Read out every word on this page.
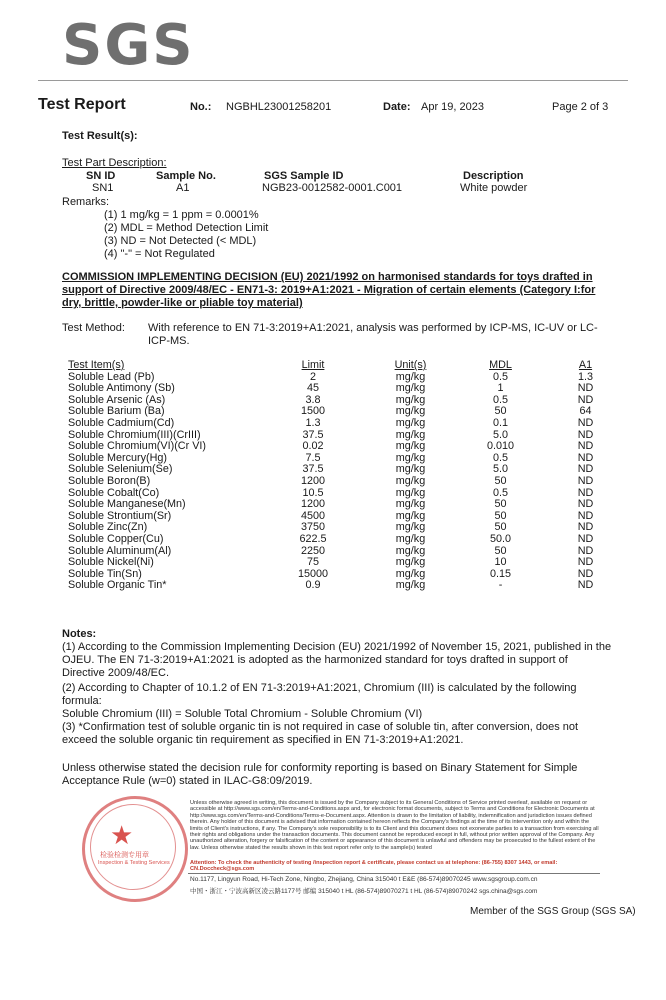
SGS
Test Report	No.: NGBHL23001258201	Date: Apr 19, 2023	Page 2 of 3
Test Result(s):
Test Part Description:
SN ID	Sample No.	SGS Sample ID	Description
SN1	A1	NGB23-0012582-0001.C001	White powder
Remarks:
(1) 1 mg/kg = 1 ppm = 0.0001%
(2) MDL = Method Detection Limit
(3) ND = Not Detected (< MDL)
(4) "-" = Not Regulated
COMMISSION IMPLEMENTING DECISION (EU) 2021/1992 on harmonised standards for toys drafted in support of Directive 2009/48/EC - EN71-3: 2019+A1:2021 - Migration of certain elements (Category I:for dry, brittle, powder-like or pliable toy material)
Test Method: With reference to EN 71-3:2019+A1:2021, analysis was performed by ICP-MS, IC-UV or LC-ICP-MS.
Test Item(s)	Limit	Unit(s)	MDL	A1
Soluble Lead (Pb)	2	mg/kg	0.5	1.3
Soluble Antimony (Sb)	45	mg/kg	1	ND
Soluble Arsenic (As)	3.8	mg/kg	0.5	ND
Soluble Barium (Ba)	1500	mg/kg	50	64
Soluble Cadmium(Cd)	1.3	mg/kg	0.1	ND
Soluble Chromium(III)(CrIII)	37.5	mg/kg	5.0	ND
Soluble Chromium(VI)(Cr VI)	0.02	mg/kg	0.010	ND
Soluble Mercury(Hg)	7.5	mg/kg	0.5	ND
Soluble Selenium(Se)	37.5	mg/kg	5.0	ND
Soluble Boron(B)	1200	mg/kg	50	ND
Soluble Cobalt(Co)	10.5	mg/kg	0.5	ND
Soluble Manganese(Mn)	1200	mg/kg	50	ND
Soluble Strontium(Sr)	4500	mg/kg	50	ND
Soluble Zinc(Zn)	3750	mg/kg	50	ND
Soluble Copper(Cu)	622.5	mg/kg	50.0	ND
Soluble Aluminum(Al)	2250	mg/kg	50	ND
Soluble Nickel(Ni)	75	mg/kg	10	ND
Soluble Tin(Sn)	15000	mg/kg	0.15	ND
Soluble Organic Tin*	0.9	mg/kg	-	ND
Notes:
(1) According to the Commission Implementing Decision (EU) 2021/1992 of November 15, 2021, published in the OJEU. The EN 71-3:2019+A1:2021 is adopted as the harmonized standard for toys drafted in support of Directive 2009/48/EC.
(2) According to Chapter of 10.1.2 of EN 71-3:2019+A1:2021, Chromium (III) is calculated by the following formula:
Soluble Chromium (III) = Soluble Total Chromium - Soluble Chromium (VI)
(3) *Confirmation test of soluble organic tin is not required in case of soluble tin, after conversion, does not exceed the soluble organic tin requirement as specified in EN 71-3:2019+A1:2021.
Unless otherwise stated the decision rule for conformity reporting is based on Binary Statement for Simple Acceptance Rule (w=0) stated in ILAC-G8:09/2019.
★
检验检测专用章
Inspection & Testing Services
Unless otherwise agreed in writing, this document is issued by the Company subject to its General Conditions of Service printed overleaf, available on request or accessible at http://www.sgs.com/en/Terms-and-Conditions.aspx and, for electronic format documents, subject to Terms and Conditions for Electronic Documents at http://www.sgs.com/en/Terms-and-Conditions/Terms-e-Document.aspx. Attention is drawn to the limitation of liability, indemnification and jurisdiction issues defined therein. Any holder of this document is advised that information contained hereon reflects the Company's findings at the time of its intervention only and within the limits of Client's instructions, if any. The Company's sole responsibility is to its Client and this document does not exonerate parties to a transaction from exercising all their rights and obligations under the transaction documents. This document cannot be reproduced except in full, without prior written approval of the Company. Any unauthorized alteration, forgery or falsification of the content or appearance of this document is unlawful and offenders may be prosecuted to the fullest extent of the law. Unless otherwise stated the results shown in this test report refer only to the sample(s) tested
Attention: To check the authenticity of testing /inspection report & certificate, please contact us at telephone: (86-755) 8307 1443, or email: CN.Doccheck@sgs.com
No.1177, Lingyun Road, Hi-Tech Zone, Ningbo, Zhejiang, China 315040 t E&E (86-574)89070245 www.sgsgroup.com.cn
中国・浙江・宁波高新区凌云路1177号 邮编 315040 t HL (86-574)89070271 t HL (86-574)89070242 sgs.china@sgs.com
Member of the SGS Group (SGS SA)
